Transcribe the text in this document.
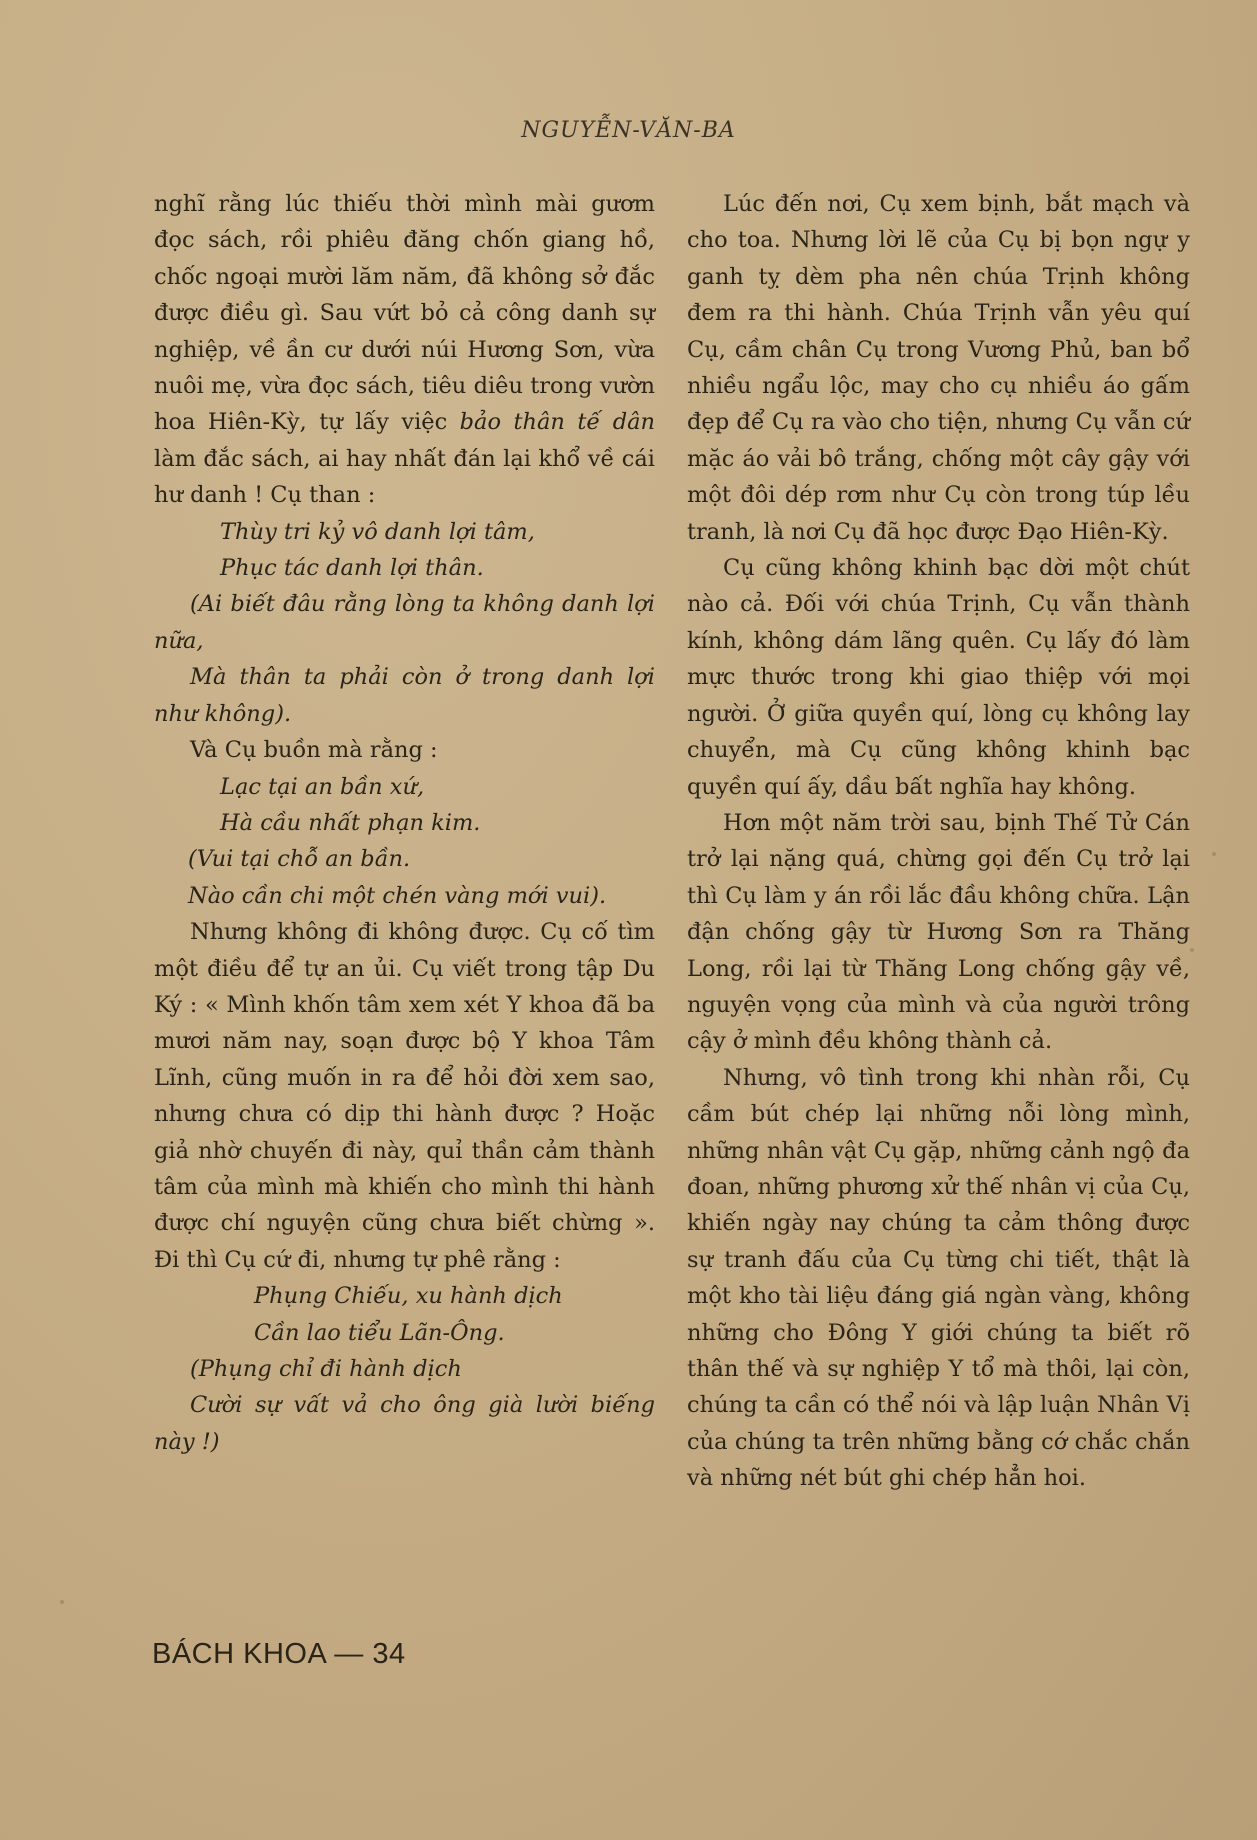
NGUYỄN-VĂN-BA

nghĩ rằng lúc thiếu thời mình mài gươm đọc sách, rồi phiêu đăng chốn giang hồ, chốc ngoại mười lăm năm, đã không sở đắc được điều gì. Sau vứt bỏ cả công danh sự nghiệp, về ần cư dưới núi Hương Sơn, vừa nuôi mẹ, vừa đọc sách, tiêu diêu trong vườn hoa Hiên-Kỳ, tự lấy việc bảo thân tế dân làm đắc sách, ai hay nhất đán lại khổ về cái hư danh ! Cụ than :

Thùy tri kỷ vô danh lợi tâm,

Phục tác danh lợi thân.

(Ai biết đâu rằng lòng ta không danh lợi nữa,

Mà thân ta phải còn ở trong danh lợi như không).

Và Cụ buồn mà rằng :

Lạc tại an bần xứ,

Hà cầu nhất phạn kim.

(Vui tại chỗ an bần.

Nào cần chi một chén vàng mới vui).

Nhưng không đi không được. Cụ cố tìm một điều để tự an ủi. Cụ viết trong tập Du Ký : « Mình khốn tâm xem xét Y khoa đã ba mươi năm nay, soạn được bộ Y khoa Tâm Lĩnh, cũng muốn in ra để hỏi đời xem sao, nhưng chưa có dịp thi hành được ? Hoặc giả nhờ chuyến đi này, quỉ thần cảm thành tâm của mình mà khiến cho mình thi hành được chí nguyện cũng chưa biết chừng ». Đi thì Cụ cứ đi, nhưng tự phê rằng :

Phụng Chiếu, xu hành dịch

Cần lao tiểu Lãn-Ông.

(Phụng chỉ đi hành dịch

Cười sự vất vả cho ông già lười biếng này !)

Lúc đến nơi, Cụ xem bịnh, bắt mạch và cho toa. Nhưng lời lẽ của Cụ bị bọn ngự y ganh tỵ dèm pha nên chúa Trịnh không đem ra thi hành. Chúa Trịnh vẫn yêu quí Cụ, cầm chân Cụ trong Vương Phủ, ban bổ nhiều ngẩu lộc, may cho cụ nhiều áo gấm đẹp để Cụ ra vào cho tiện, nhưng Cụ vẫn cứ mặc áo vải bô trắng, chống một cây gậy với một đôi dép rơm như Cụ còn trong túp lều tranh, là nơi Cụ đã học được Đạo Hiên-Kỳ.

Cụ cũng không khinh bạc dời một chút nào cả. Đối với chúa Trịnh, Cụ vẫn thành kính, không dám lãng quên. Cụ lấy đó làm mực thước trong khi giao thiệp với mọi người. Ở giữa quyền quí, lòng cụ không lay chuyển, mà Cụ cũng không khinh bạc quyền quí ấy, dầu bất nghĩa hay không.

Hơn một năm trời sau, bịnh Thế Tử Cán trở lại nặng quá, chừng gọi đến Cụ trở lại thì Cụ làm y án rồi lắc đầu không chữa. Lận đận chống gậy từ Hương Sơn ra Thăng Long, rồi lại từ Thăng Long chống gậy về, nguyện vọng của mình và của người trông cậy ở mình đều không thành cả.

Nhưng, vô tình trong khi nhàn rỗi, Cụ cầm bút chép lại những nỗi lòng mình, những nhân vật Cụ gặp, những cảnh ngộ đa đoan, những phương xử thế nhân vị của Cụ, khiến ngày nay chúng ta cảm thông được sự tranh đấu của Cụ từng chi tiết, thật là một kho tài liệu đáng giá ngàn vàng, không những cho Đông Y giới chúng ta biết rõ thân thế và sự nghiệp Y tổ mà thôi, lại còn, chúng ta cần có thể nói và lập luận Nhân Vị của chúng ta trên những bằng cớ chắc chắn và những nét bút ghi chép hẳn hoi.

BÁCH KHOA — 34
